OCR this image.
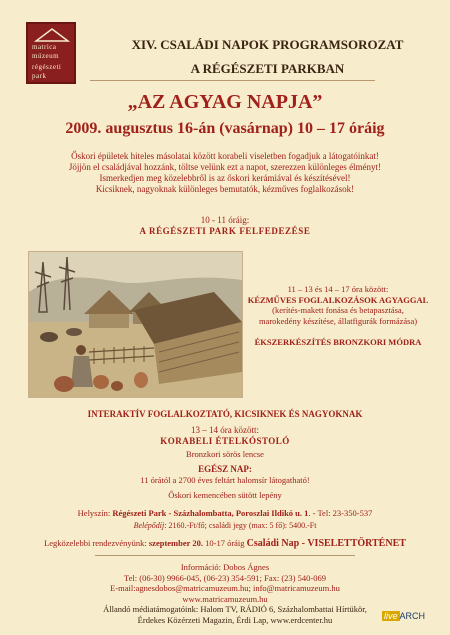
matrica
múzeum
régészeti
park
XIV. CSALÁDI NAPOK PROGRAMSOROZAT
A RÉGÉSZETI PARKBAN
„AZ AGYAG NAPJA”
2009. augusztus 16-án (vasárnap) 10 – 17 óráig
Őskori épületek hiteles másolatai között korabeli viseletben fogadjuk a látogatóinkat!
Jöjjön el családjával hozzánk, töltse velünk ezt a napot, szerezzen különleges élményt!
Ismerkedjen meg közelebbről is az őskori kerámiával és készítésével!
Kicsiknek, nagyoknak különleges bemutatók, kézműves foglalkozások!
10 - 11 óráig:
A RÉGÉSZETI PARK FELFEDEZÉSE
11 – 13 és 14 – 17 óra között:
KÉZMŰVES FOGLALKOZÁSOK AGYAGGAL
(kerítés-makett fonása és betapasztása,
marokedény készítése, állatfigurák formázása)
ÉKSZERKÉSZÍTÉS BRONZKORI MÓDRA
INTERAKTÍV FOGLALKOZTATÓ, KICSIKNEK ÉS NAGYOKNAK
13 – 14 óra között:
KORABELI ÉTELKÓSTOLÓ
Bronzkori sörös lencse
EGÉSZ NAP:
11 órától a 2700 éves feltárt halomsír látogatható!
Őskori kemencében sütött lepény
Helyszín: Régészeti Park - Százhalombatta, Poroszlai Ildikó u. 1. - Tel: 23-350-537
Belépődíj: 2160.-Ft/fő; családi jegy (max: 5 fő): 5400.-Ft
Legközelebbi rendezvényünk: szeptember 20. 10-17 óráig Családi Nap - VISELETTÖRTÉNET
Információ: Dobos Ágnes
Tel: (06-30) 9966-045, (06-23) 354-591; Fax: (23) 540-069
E-mail:agnesdobos@matricamuzeum.hu; info@matricamuzeum.hu
www.matricamuzeum.hu
Állandó médiatámogatóink: Halom TV, RÁDIÓ 6, Százhalombattai Hírtükör,
Érdekes Közérzeti Magazin, Érdi Lap, www.erdcenter.hu	live ARCH
